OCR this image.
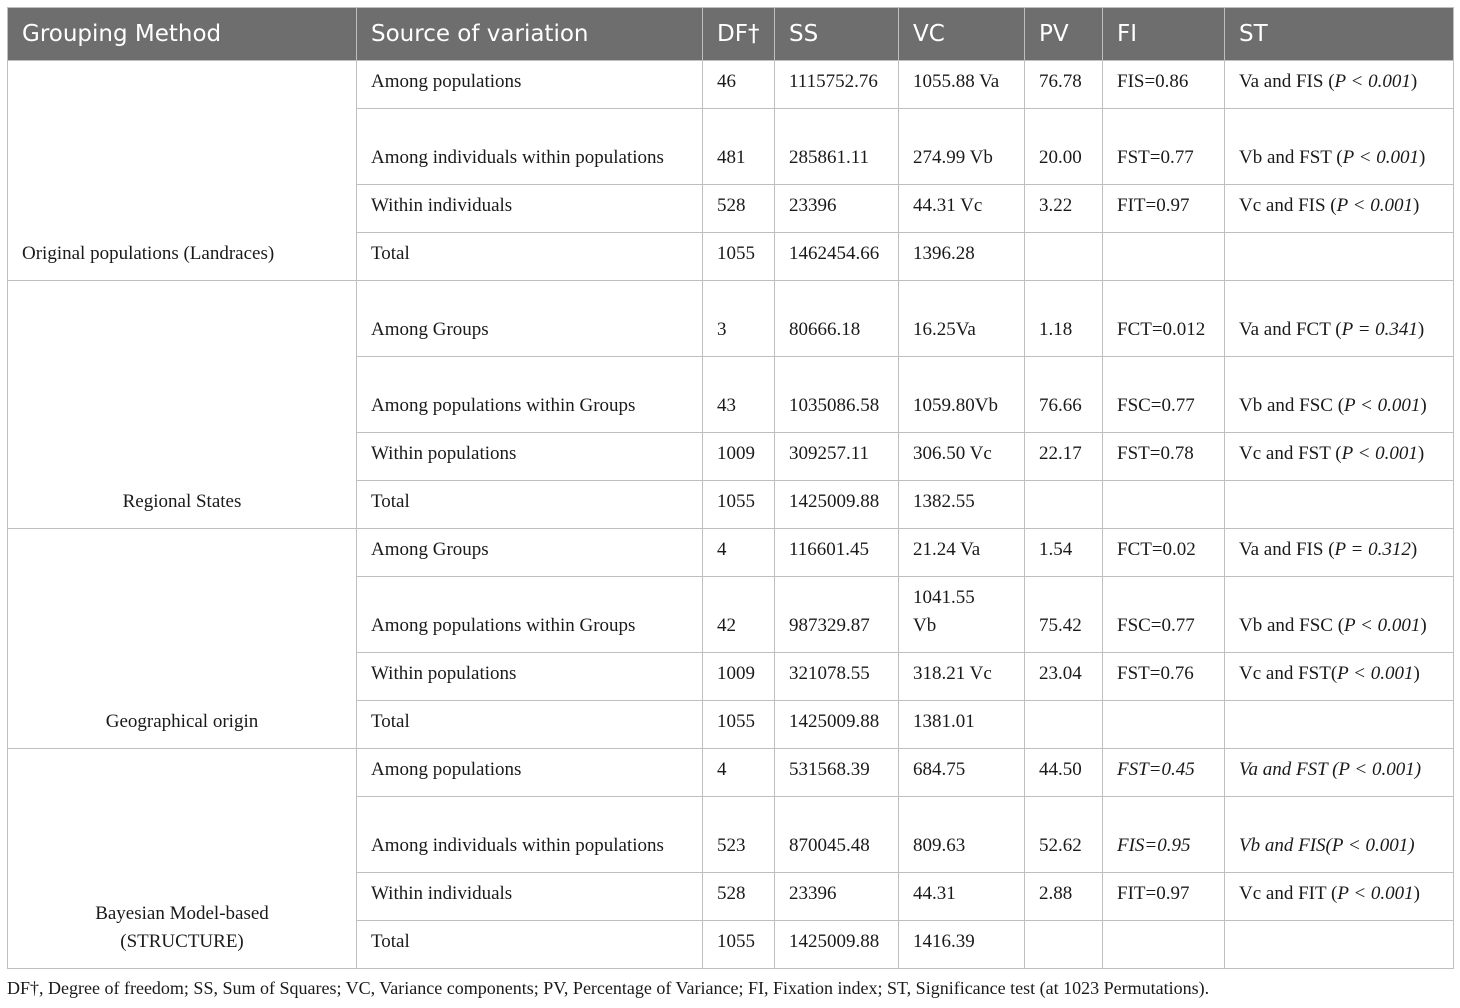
Grouping Method	Source of variation	DF†	SS	VC	PV	FI	ST
Original populations (Landraces)	Among populations	46	1115752.76	1055.88 Va	76.78	FIS=0.86	Va and FIS (P < 0.001)
	Among individuals within populations	481	285861.11	274.99 Vb	20.00	FST=0.77	Vb and FST (P < 0.001)
	Within individuals	528	23396	44.31 Vc	3.22	FIT=0.97	Vc and FIS (P < 0.001)
	Total	1055	1462454.66	1396.28			
Regional States	Among Groups	3	80666.18	16.25Va	1.18	FCT=0.012	Va and FCT (P = 0.341)
	Among populations within Groups	43	1035086.58	1059.80Vb	76.66	FSC=0.77	Vb and FSC (P < 0.001)
	Within populations	1009	309257.11	306.50 Vc	22.17	FST=0.78	Vc and FST (P < 0.001)
	Total	1055	1425009.88	1382.55			
Geographical origin	Among Groups	4	116601.45	21.24 Va	1.54	FCT=0.02	Va and FIS (P = 0.312)
	Among populations within Groups	42	987329.87	1041.55 Vb	75.42	FSC=0.77	Vb and FSC (P < 0.001)
	Within populations	1009	321078.55	318.21 Vc	23.04	FST=0.76	Vc and FST(P < 0.001)
	Total	1055	1425009.88	1381.01			
Bayesian Model-based (STRUCTURE)	Among populations	4	531568.39	684.75	44.50	FST=0.45	Va and FST (P < 0.001)
	Among individuals within populations	523	870045.48	809.63	52.62	FIS=0.95	Vb and FIS(P < 0.001)
	Within individuals	528	23396	44.31	2.88	FIT=0.97	Vc and FIT (P < 0.001)
	Total	1055	1425009.88	1416.39			
DF†, Degree of freedom; SS, Sum of Squares; VC, Variance components; PV, Percentage of Variance; FI, Fixation index; ST, Significance test (at 1023 Permutations).
